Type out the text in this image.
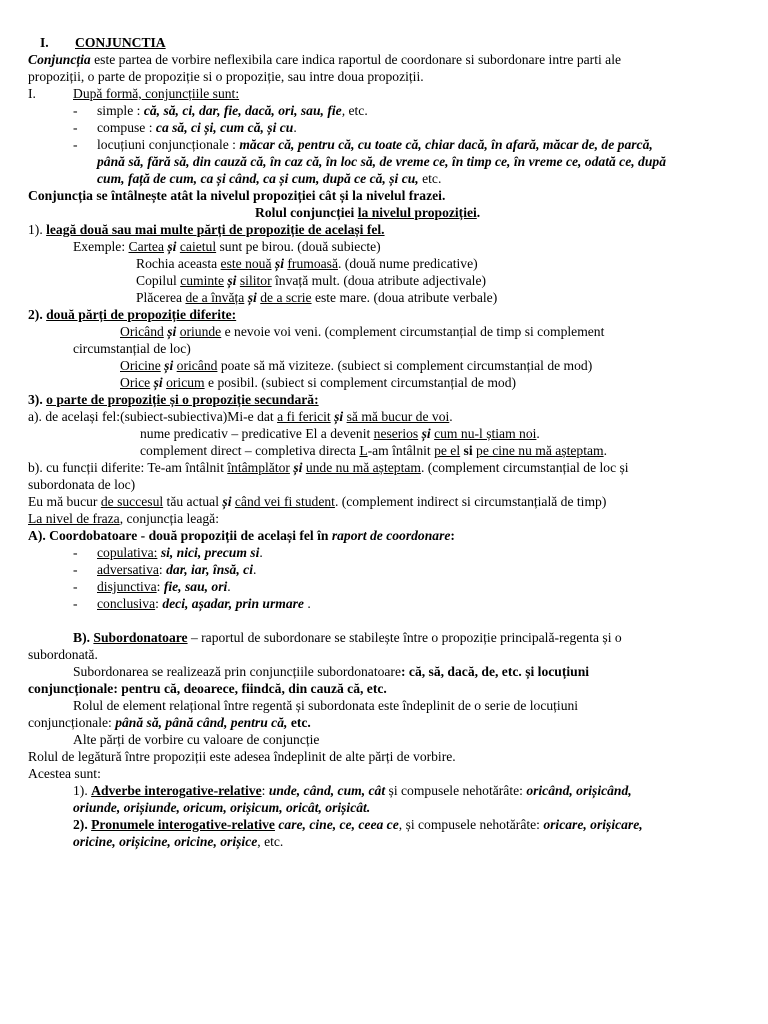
I. CONJUNCTIA
Conjuncția este partea de vorbire neflexibila care indica raportul de coordonare si subordonare intre parti ale
propoziții, o parte de propoziție si o propoziție, sau intre doua propoziții.
I.	După formă, conjuncțiile sunt:
- simple : că, să, ci, dar, fie, dacă, ori, sau, fie, etc.
- compuse : ca să, ci și, cum că, și cu.
- locuțiuni conjuncționale : măcar că, pentru că, cu toate că, chiar dacă, în afară, măcar de, de parcă,
până să, fără să, din cauză că, în caz că, în loc să, de vreme ce, în timp ce, în vreme ce, odată ce, după
cum, față de cum, ca și când, ca și cum, după ce că, și cu, etc.
Conjuncția se întâlnește atât la nivelul propoziției cât și la nivelul frazei.
Rolul conjuncției la nivelul propoziției.
1). leagă două sau mai multe părți de propoziție de același fel.
Exemple: Cartea și caietul sunt pe birou. (două subiecte)
Rochia aceasta este nouă și frumoasă. (două nume predicative)
Copilul cuminte și silitor învață mult. (doua atribute adjectivale)
Plăcerea de a învăța și de a scrie este mare. (doua atribute verbale)
2). două părți de propoziție diferite:
Oricând și oriunde e nevoie voi veni. (complement circumstanțial de timp si complement
circumstanțial de loc)
Oricine și oricând poate să mă viziteze. (subiect si complement circumstanțial de mod)
Orice și oricum e posibil. (subiect si complement circumstanțial de mod)
3). o parte de propoziție și o propoziție secundară:
a). de același fel:(subiect-subiectiva)Mi-e dat a fi fericit și să mă bucur de voi.
nume predicativ – predicative El a devenit neserios și cum nu-l știam noi.
complement direct – completiva directa L-am întâlnit pe el si pe cine nu mă așteptam.
b). cu funcții diferite: Te-am întâlnit întâmplător și unde nu mă așteptam. (complement circumstanțial de loc și
subordonata de loc)
Eu mă bucur de succesul tău actual și când vei fi student. (complement indirect si circumstanțială de timp)
La nivel de fraza, conjuncția leagă:
A). Coordobatoare - două propoziții de același fel în raport de coordonare:
- copulativa: si, nici, precum si.
- adversativa: dar, iar, însă, ci.
- disjunctiva: fie, sau, ori.
- conclusiva: deci, așadar, prin urmare .
B). Subordonatoare – raportul de subordonare se stabilește între o propoziție principală-regenta și o
subordonată.
Subordonarea se realizează prin conjuncțiile subordonatoare: că, să, dacă, de, etc. și locuțiuni
conjuncționale: pentru că, deoarece, fiindcă, din cauză că, etc.
Rolul de element relațional între regentă și subordonata este îndeplinit de o serie de locuțiuni
conjuncționale: până să, până când, pentru că, etc.
Alte părți de vorbire cu valoare de conjuncție
Rolul de legătură între propoziții este adesea îndeplinit de alte părți de vorbire.
Acestea sunt:
1). Adverbe interogative-relative: unde, când, cum, cât și compusele nehotărâte: oricând, orișicând,
oriunde, orișiunde, oricum, orișicum, oricât, orișicât.
2). Pronumele interogative-relative care, cine, ce, ceea ce, și compusele nehotărâte: oricare, orișicare,
oricine, orișicine, oricine, orișice, etc.
